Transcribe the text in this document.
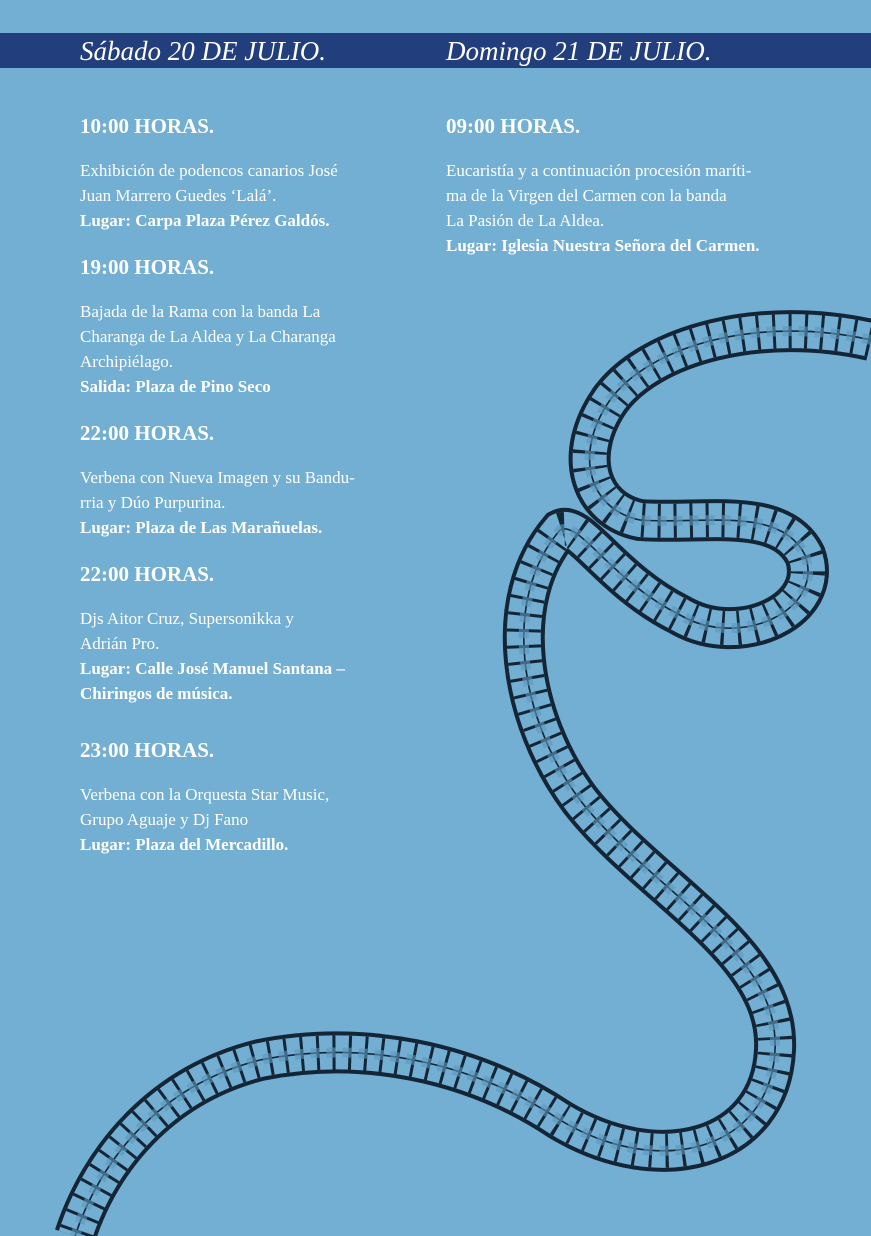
Sábado 20 DE JULIO.	Domingo 21 DE JULIO.

10:00 HORAS.

Exhibición de podencos canarios José
Juan Marrero Guedes ‘Lalá’.

Lugar: Carpa Plaza Pérez Galdós.

19:00 HORAS.

Bajada de la Rama con la banda La
Charanga de La Aldea y La Charanga
Archipiélago.

Salida: Plaza de Pino Seco

22:00 HORAS.

Verbena con Nueva Imagen y su Bandu-
rria y Dúo Purpurina.

Lugar: Plaza de Las Marañuelas.

22:00 HORAS.

Djs Aitor Cruz, Supersonikka y
Adrián Pro.

Lugar: Calle José Manuel Santana –
Chiringos de música.

23:00 HORAS.

Verbena con la Orquesta Star Music,
Grupo Aguaje y Dj Fano

Lugar: Plaza del Mercadillo.

09:00 HORAS.

Eucaristía y a continuación procesión maríti-
ma de la Virgen del Carmen con la banda
La Pasión de La Aldea.

Lugar: Iglesia Nuestra Señora del Carmen.
